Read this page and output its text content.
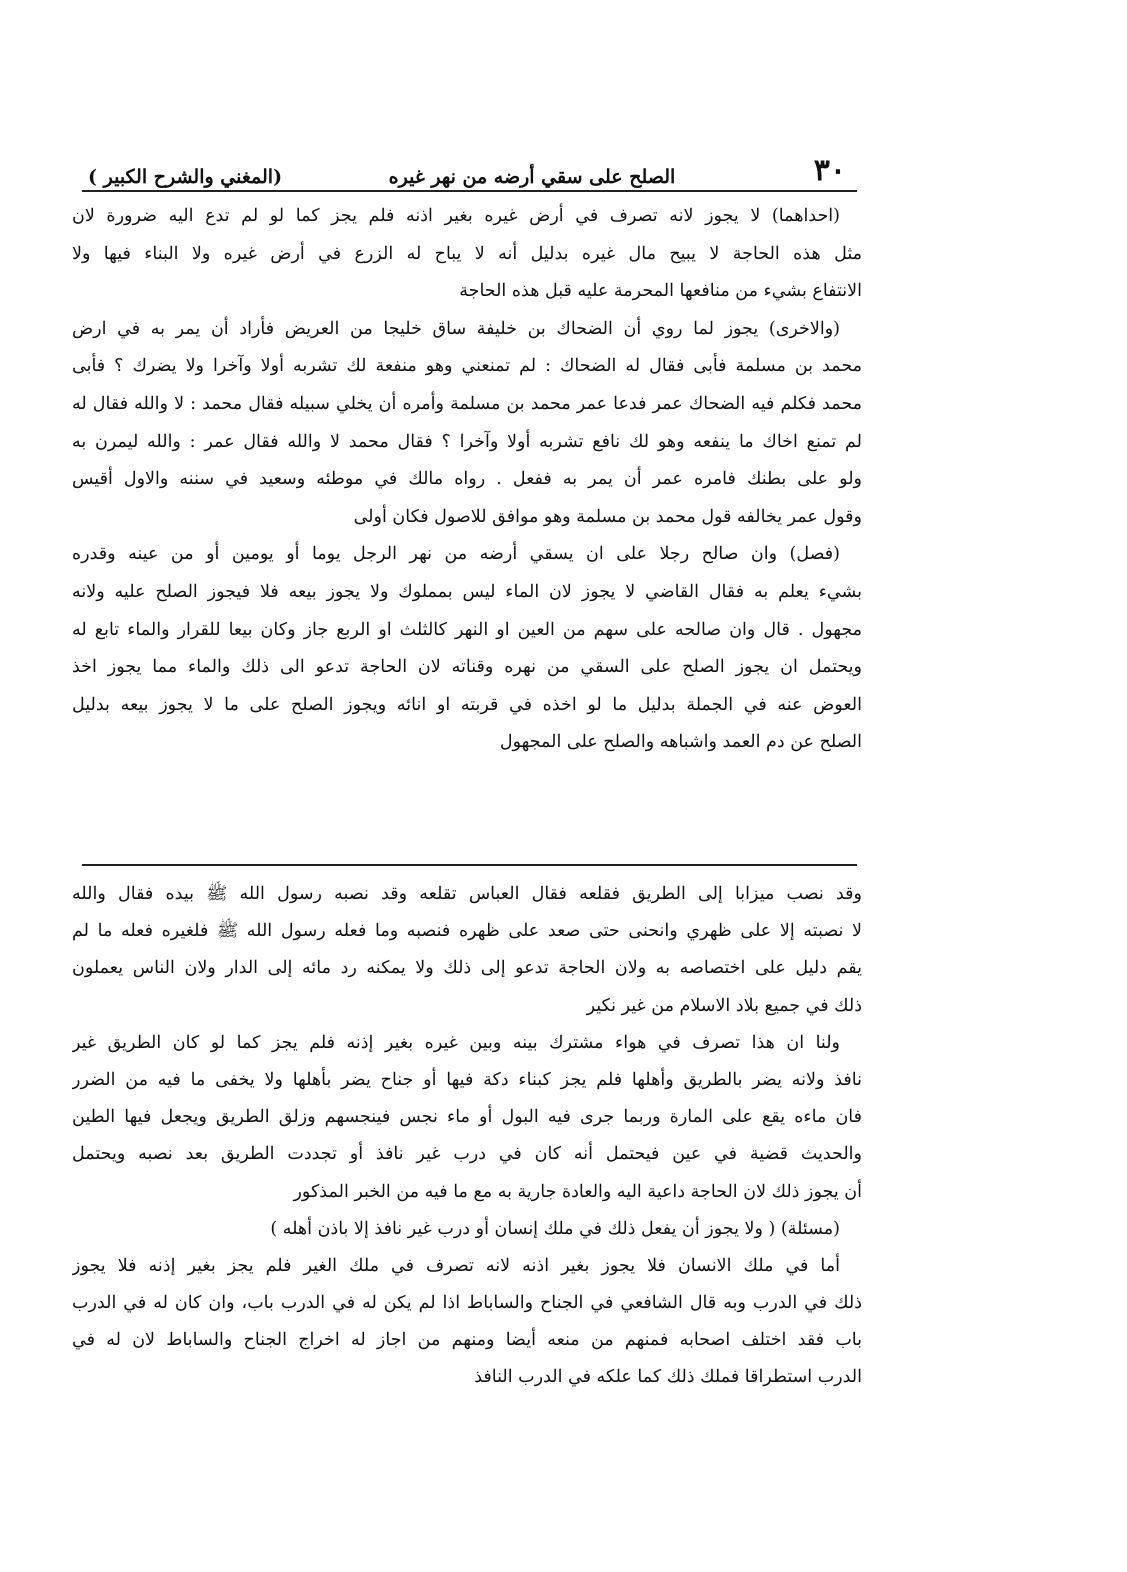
٣٠
الصلح على سقي أرضه من نهر غيره
(المغني والشرح الكبير )
(احداهما) لا يجوز لانه تصرف في أرض غيره بغير اذنه فلم يجز كما لو لم تدع اليه ضرورة لان
مثل هذه الحاجة لا يبيح مال غيره بدليل أنه لا يباح له الزرع في أرض غيره ولا البناء فيها ولا
الانتفاع بشيء من منافعها المحرمة عليه قبل هذه الحاجة
(والاخرى) يجوز لما روي أن الضحاك بن خليفة ساق خليجا من العريض فأراد أن يمر به في ارض
محمد بن مسلمة فأبى فقال له الضحاك : لم تمنعني وهو منفعة لك تشربه أولا وآخرا ولا يضرك ؟ فأبى
محمد فكلم فيه الضحاك عمر فدعا عمر محمد بن مسلمة وأمره أن يخلي سبيله فقال محمد : لا والله فقال له
لم تمنع اخاك ما ينفعه وهو لك نافع تشربه أولا وآخرا ؟ فقال محمد لا والله فقال عمر : والله ليمرن به
ولو على بطنك فامره عمر أن يمر به ففعل . رواه مالك في موطئه وسعيد في سننه والاول أقيس
وقول عمر يخالفه قول محمد بن مسلمة وهو موافق للاصول فكان أولى
(فصل) وان صالح رجلا على ان يسقي أرضه من نهر الرجل يوما أو يومين أو من عينه وقدره
بشيء يعلم به فقال القاضي لا يجوز لان الماء ليس بمملوك ولا يجوز بيعه فلا فيجوز الصلح عليه ولانه
مجهول . قال وان صالحه على سهم من العين او النهر كالثلث او الربع جاز وكان بيعا للقرار والماء تابع له
ويحتمل ان يجوز الصلح على السقي من نهره وقناته لان الحاجة تدعو الى ذلك والماء مما يجوز اخذ
العوض عنه في الجملة بدليل ما لو اخذه في قربته او انائه ويجوز الصلح على ما لا يجوز بيعه بدليل
الصلح عن دم العمد واشباهه والصلح على المجهول
وقد نصب ميزابا إلى الطريق فقلعه فقال العباس تقلعه وقد نصبه رسول الله ﷺ بيده فقال والله
لا نصبته إلا على ظهري وانحنى حتى صعد على ظهره فنصبه وما فعله رسول الله ﷺ فلغيره فعله ما لم
يقم دليل على اختصاصه به ولان الحاجة تدعو إلى ذلك ولا يمكنه رد مائه إلى الدار ولان الناس يعملون
ذلك في جميع بلاد الاسلام من غير نكير
ولنا ان هذا تصرف في هواء مشترك بينه وبين غيره بغير إذنه فلم يجز كما لو كان الطريق غير
نافذ ولانه يضر بالطريق وأهلها فلم يجز كبناء دكة فيها أو جناح يضر بأهلها ولا يخفى ما فيه من الضرر
فان ماءه يقع على المارة وربما جرى فيه البول أو ماء نجس فينجسهم وزلق الطريق ويجعل فيها الطين
والحديث قضية في عين فيحتمل أنه كان في درب غير نافذ أو تجددت الطريق بعد نصبه ويحتمل
أن يجوز ذلك لان الحاجة داعية اليه والعادة جارية به مع ما فيه من الخبر المذكور
(مسئلة) ( ولا يجوز أن يفعل ذلك في ملك إنسان أو درب غير نافذ إلا باذن أهله )
أما في ملك الانسان فلا يجوز بغير اذنه لانه تصرف في ملك الغير فلم يجز بغير إذنه فلا يجوز
ذلك في الدرب وبه قال الشافعي في الجناح والساباط اذا لم يكن له في الدرب باب، وان كان له في الدرب
باب فقد اختلف اصحابه فمنهم من منعه أيضا ومنهم من اجاز له اخراج الجناح والساباط لان له في
الدرب استطراقا فملك ذلك كما علكه في الدرب النافذ
